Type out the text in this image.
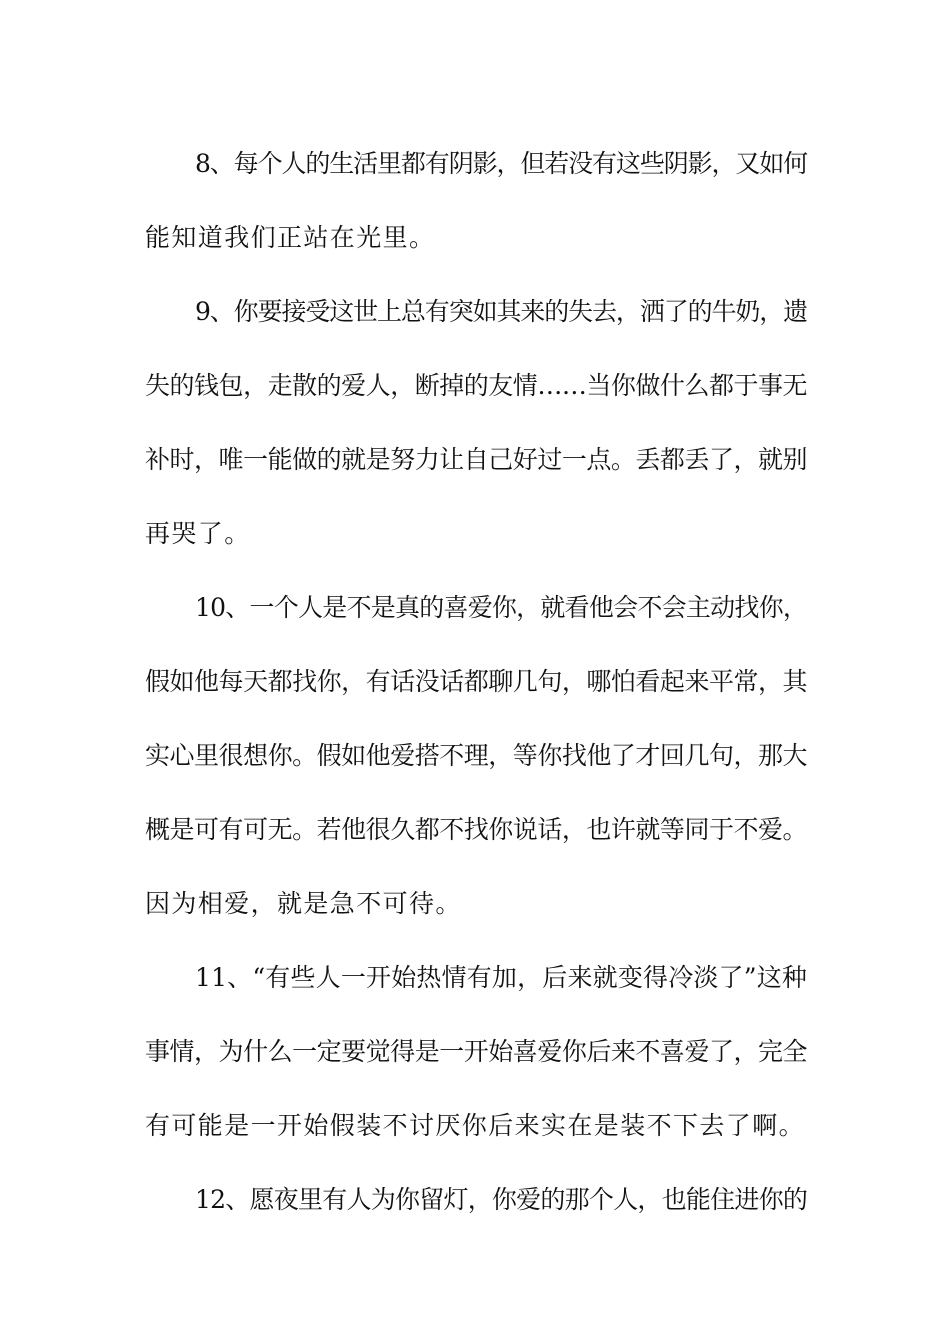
8、每个人的生活里都有阴影，但若没有这些阴影，又如何
能知道我们正站在光里。

9、你要接受这世上总有突如其来的失去，洒了的牛奶，遗
失的钱包，走散的爱人，断掉的友情……当你做什么都于事无
补时，唯一能做的就是努力让自己好过一点。丢都丢了，就别
再哭了。

10、一个人是不是真的喜爱你，就看他会不会主动找你，
假如他每天都找你，有话没话都聊几句，哪怕看起来平常，其
实心里很想你。假如他爱搭不理，等你找他了才回几句，那大
概是可有可无。若他很久都不找你说话，也许就等同于不爱。
因为相爱，就是急不可待。

11、“有些人一开始热情有加，后来就变得冷淡了”这种
事情，为什么一定要觉得是一开始喜爱你后来不喜爱了，完全
有可能是一开始假装不讨厌你后来实在是装不下去了啊。

12、愿夜里有人为你留灯，你爱的那个人，也能住进你的
